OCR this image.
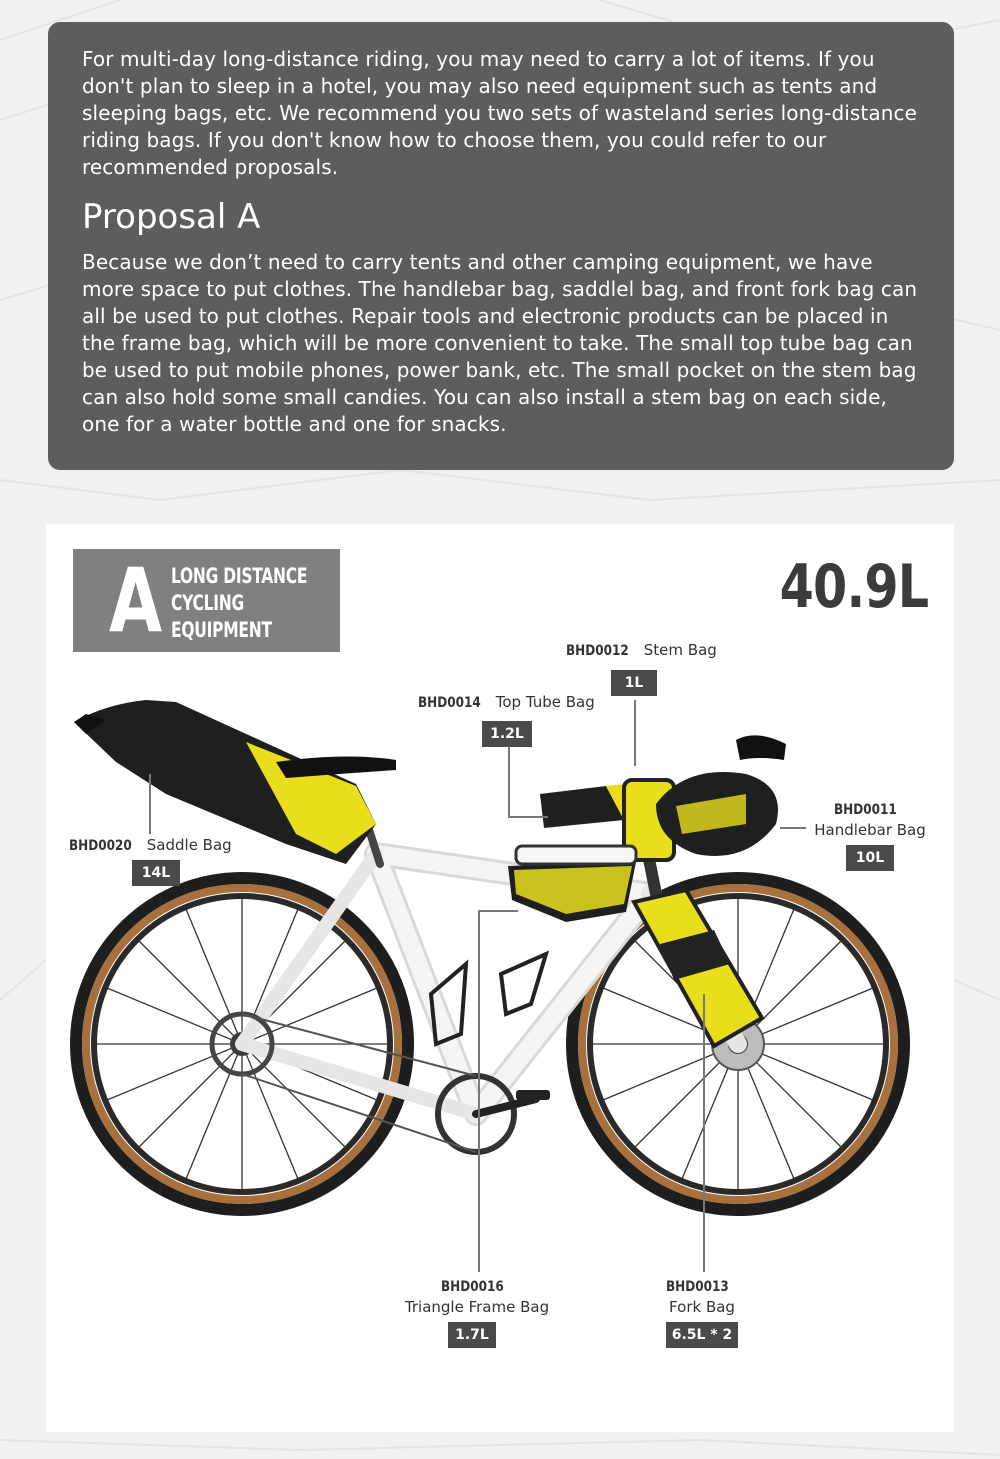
For multi-day long-distance riding, you may need to carry a lot of items. If you don't plan to sleep in a hotel, you may also need equipment such as tents and sleeping bags, etc. We recommend you two sets of wasteland series long-distance riding bags. If you don't know how to choose them, you could refer to our recommended proposals.

Proposal A

Because we don’t need to carry tents and other camping equipment, we have more space to put clothes. The handlebar bag, saddlel bag, and front fork bag can all be used to put clothes. Repair tools and electronic products can be placed in the frame bag, which will be more convenient to take. The small top tube bag can be used to put mobile phones, power bank, etc. The small pocket on the stem bag can also hold some small candies. You can also install a stem bag on each side, one for a water bottle and one for snacks.

A LONG DISTANCE
CYCLING
EQUIPMENT
40.9L
BHD0012 Stem Bag
1L
BHD0014 Top Tube Bag
1.2L
BHD0011
Handlebar Bag
10L
BHD0020 Saddle Bag
14L
BHD0016
Triangle Frame Bag
1.7L
BHD0013
Fork Bag
6.5L * 2
